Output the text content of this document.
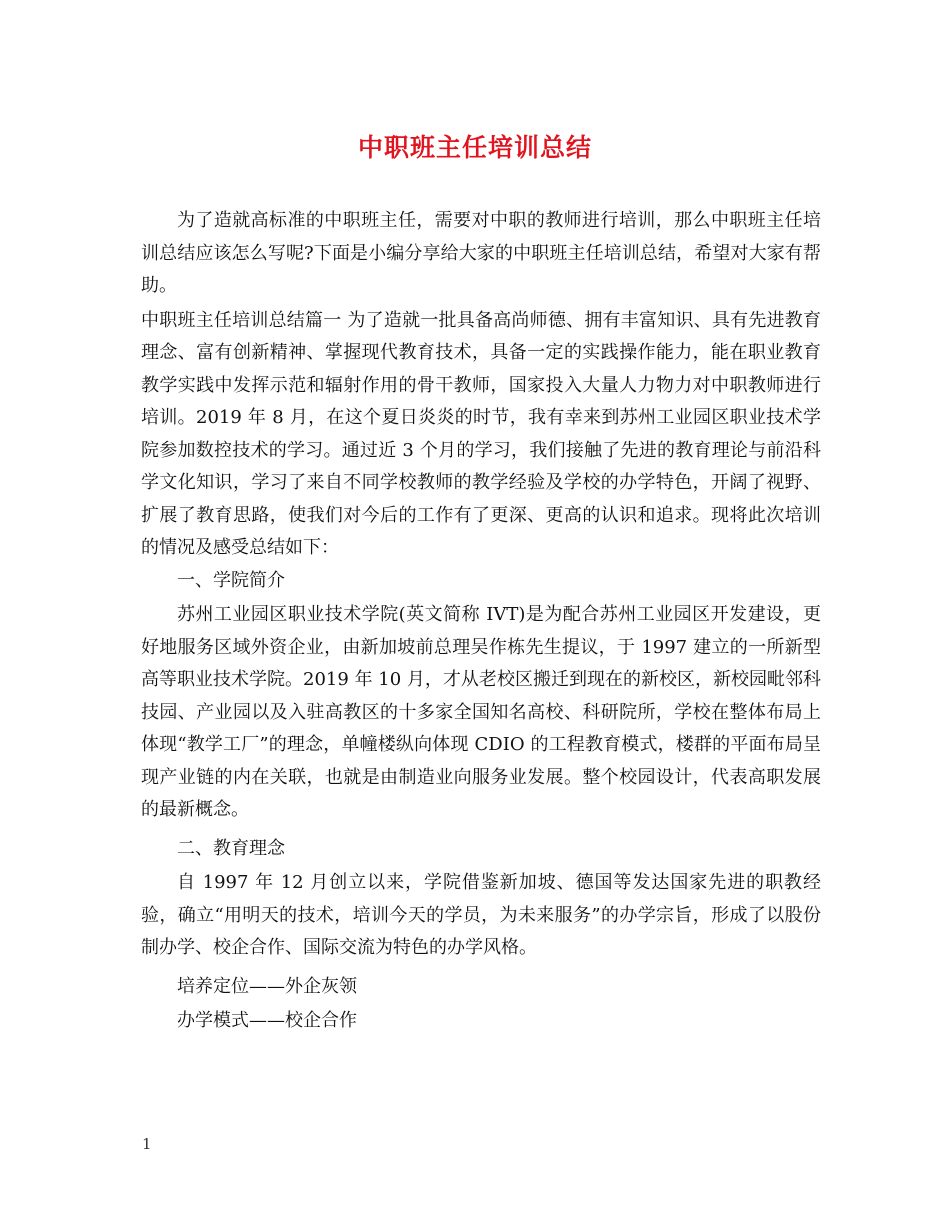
中职班主任培训总结

为了造就高标准的中职班主任，需要对中职的教师进行培训，那么中职班主任培训总结应该怎么写呢?下面是小编分享给大家的中职班主任培训总结，希望对大家有帮助。

中职班主任培训总结篇一 为了造就一批具备高尚师德、拥有丰富知识、具有先进教育理念、富有创新精神、掌握现代教育技术，具备一定的实践操作能力，能在职业教育教学实践中发挥示范和辐射作用的骨干教师，国家投入大量人力物力对中职教师进行培训。2019 年 8 月，在这个夏日炎炎的时节，我有幸来到苏州工业园区职业技术学院参加数控技术的学习。通过近 3 个月的学习，我们接触了先进的教育理论与前沿科学文化知识，学习了来自不同学校教师的教学经验及学校的办学特色，开阔了视野、扩展了教育思路，使我们对今后的工作有了更深、更高的认识和追求。现将此次培训的情况及感受总结如下：

一、学院简介

苏州工业园区职业技术学院(英文简称 IVT)是为配合苏州工业园区开发建设，更好地服务区域外资企业，由新加坡前总理吴作栋先生提议，于 1997 建立的一所新型高等职业技术学院。2019 年 10 月，才从老校区搬迁到现在的新校区，新校园毗邻科技园、产业园以及入驻高教区的十多家全国知名高校、科研院所，学校在整体布局上体现“教学工厂”的理念，单幢楼纵向体现 CDIO 的工程教育模式，楼群的平面布局呈现产业链的内在关联，也就是由制造业向服务业发展。整个校园设计，代表高职发展的最新概念。

二、教育理念

自 1997 年 12 月创立以来，学院借鉴新加坡、德国等发达国家先进的职教经验，确立“用明天的技术，培训今天的学员，为未来服务”的办学宗旨，形成了以股份制办学、校企合作、国际交流为特色的办学风格。

培养定位——外企灰领

办学模式——校企合作

1
